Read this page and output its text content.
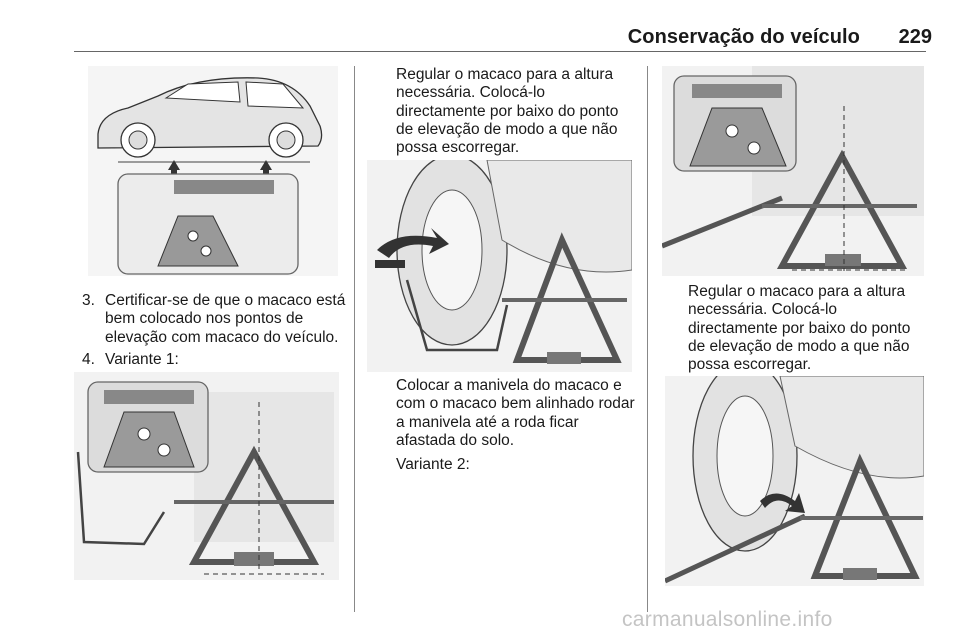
Conservação do veículo	229
3. Certificar-se de que o macaco está bem colocado nos pontos de elevação com macaco do veículo.
4. Variante 1:
Regular o macaco para a altura necessária. Colocá-lo directamente por baixo do ponto de elevação de modo a que não possa escorregar.
Colocar a manivela do macaco e com o macaco bem alinhado rodar a manivela até a roda ficar afastada do solo.
Variante 2:
Regular o macaco para a altura necessária. Colocá-lo directamente por baixo do ponto de elevação de modo a que não possa escorregar.
carmanualsonline.info
